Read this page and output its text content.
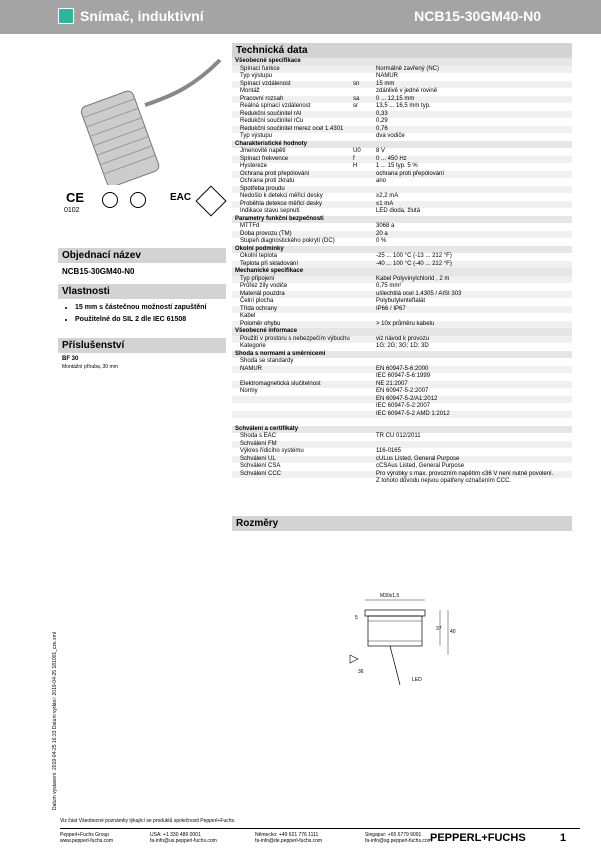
Snímač, induktivní	NCB15-30GM40-N0
CE
0102
EAC
Objednací název
NCB15-30GM40-N0
Vlastnosti
• 15 mm s částečnou možností zapuštění
• Použitelné do SIL 2 dle IEC 61508
Příslušenství
BF 30
Montážní příruba, 30 mm
Technická data
Všeobecné specifikace
Spínací funkce	Normálně zavřený (NC)
Typ výstupu	NAMUR
Spínací vzdálenost	sn	15 mm
Montáž	zdánlivě v jedné rovině
Pracovní rozsah	sa	0 ... 12,15 mm
Reálná spínací vzdálenost	sr	13,5 ... 16,5 mm typ.
Redukční součinitel rAl	0,33
Redukční součinitel rCu	0,29
Redukční součinitel rnerez ocel 1.4301	0,76
Typ výstupu	dva vodiče
Charakteristické hodnoty
Jmenovité napětí	U0	8 V
Spínací frekvence	f	0 ... 450 Hz
Hystereze	H	1 ... 15 typ. 5 %
Ochrana proti přepólování	ochrana proti přepólování
Ochrana proti zkratu	ano
Spotřeba proudu
Nedošlo k detekci měřicí desky	≥2,2 mA
Proběhla detekce měřicí desky	≤1 mA
Indikace stavu sepnutí	LED dioda, žlutá
Parametry funkční bezpečnosti
MTTFd	3068 a
Doba provozu (TM)	20 a
Stupeň diagnostického pokrytí (DC)	0 %
Okolní podmínky
Okolní teplota	-25 ... 100 °C (-13 ... 212 °F)
Teplota při skladování	-40 ... 100 °C (-40 ... 212 °F)
Mechanické specifikace
Typ připojení	Kabel Polyvinylchlorid , 2 m
Průřez žíly vodiče	0,75 mm²
Materiál pouzdra	ušlechtilá ocel 1.4305 / AISI 303
Čelní plocha	Polybutylenteftalát
Třída ochrany	IP66 / IP67
Kabel
Poloměr ohybu	> 10x průměru kabelu
Všeobecné informace
Použití v prostoru s nebezpečím výbuchu	viz návod k provozu
Kategorie	1G; 2G; 3G; 1D; 3D
Shoda s normami a směrnicemi
Shoda se standardy
NAMUR	EN 60947-5-6:2000
IEC 60947-5-6:1999
Elektromagnetická slučitelnost	NE 21:2007
Normy	EN 60947-5-2:2007
EN 60947-5-2/A1:2012
IEC 60947-5-2:2007
IEC 60947-5-2 AMD 1:2012
Schválení a certifikáty
Shoda s EAC	TR CU 012/2011
Schválení FM
Výkres řídicího systému	116-0165
Schválení UL	cULus Listed, General Purpose
Schválení CSA	cCSAus Listed, General Purpose
Schválení CCC	Pro výrobky s max. provozním napětím ≤36 V není nutné povolení.
Z tohoto důvodu nejsou opatřeny označením CCC.
Rozměry
M30x1,5
5
37 40
36
LED
Datum vystavení: 2019-04-25 16:33 Datum vydání: 2019-04-25 181001_cze.xml
Viz část Všeobecné poznámky týkající se produktů společnosti Pepperl+Fuchs.
Pepperl+Fuchs Group
www.pepperl-fuchs.com
USA: +1 330 486 0001
fa-info@us.pepperl-fuchs.com
Německo: +49 621 776 1111
fa-info@de.pepperl-fuchs.com
Singapur: +65 6779 9091
fa-info@sg.pepperl-fuchs.com
PEPPERL+FUCHS	1
